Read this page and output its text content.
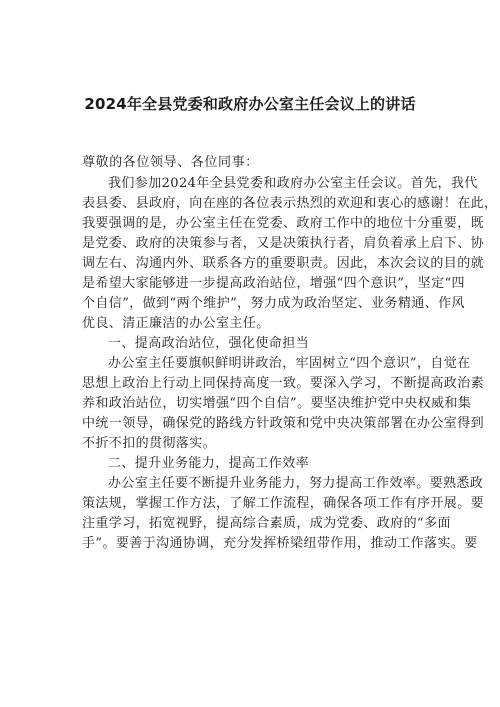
2024年全县党委和政府办公室主任会议上的讲话
尊敬的各位领导、各位同事：
我们参加2024年全县党委和政府办公室主任会议。首先，我代
表县委、县政府，向在座的各位表示热烈的欢迎和衷心的感谢！在此，
我要强调的是，办公室主任在党委、政府工作中的地位十分重要，既
是党委、政府的决策参与者，又是决策执行者，肩负着承上启下、协
调左右、沟通内外、联系各方的重要职责。因此，本次会议的目的就
是希望大家能够进一步提高政治站位，增强“四个意识”，坚定“四
个自信”，做到“两个维护”，努力成为政治坚定、业务精通、作风
优良、清正廉洁的办公室主任。
一、提高政治站位，强化使命担当
办公室主任要旗帜鲜明讲政治，牢固树立“四个意识”，自觉在
思想上政治上行动上同保持高度一致。要深入学习，不断提高政治素
养和政治站位，切实增强“四个自信”。要坚决维护党中央权威和集
中统一领导，确保党的路线方针政策和党中央决策部署在办公室得到
不折不扣的贯彻落实。
二、提升业务能力，提高工作效率
办公室主任要不断提升业务能力，努力提高工作效率。要熟悉政
策法规，掌握工作方法，了解工作流程，确保各项工作有序开展。要
注重学习，拓宽视野，提高综合素质，成为党委、政府的“多面
手”。要善于沟通协调，充分发挥桥梁纽带作用，推动工作落实。要
